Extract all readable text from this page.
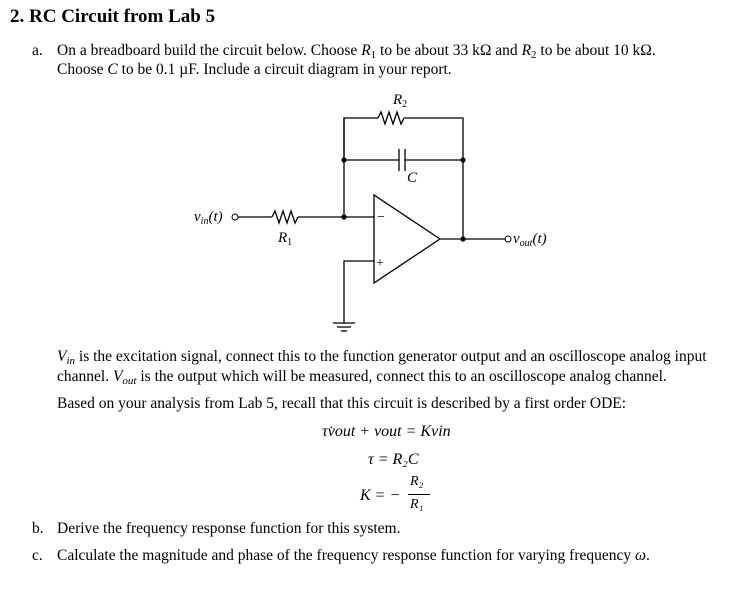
2. RC Circuit from Lab 5
a. On a breadboard build the circuit below. Choose R1 to be about 33 kΩ and R2 to be about 10 kΩ.
Choose C to be 0.1 µF. Include a circuit diagram in your report.
−
+
$R_2$
C
$R_1$
$v_{in}(t)$
$v_{out}(t)$
$V_{in}$ is the excitation signal, connect this to the function generator output and an oscilloscope analog input
channel. $V_{out}$ is the output which will be measured, connect this to an oscilloscope analog channel.
Based on your analysis from Lab 5, recall that this circuit is described by a first order ODE:
τv̇out + vout = Kvin
τ = R₂C
K = −
R₂
R₁
b. Derive the frequency response function for this system.
c. Calculate the magnitude and phase of the frequency response function for varying frequency ω.
